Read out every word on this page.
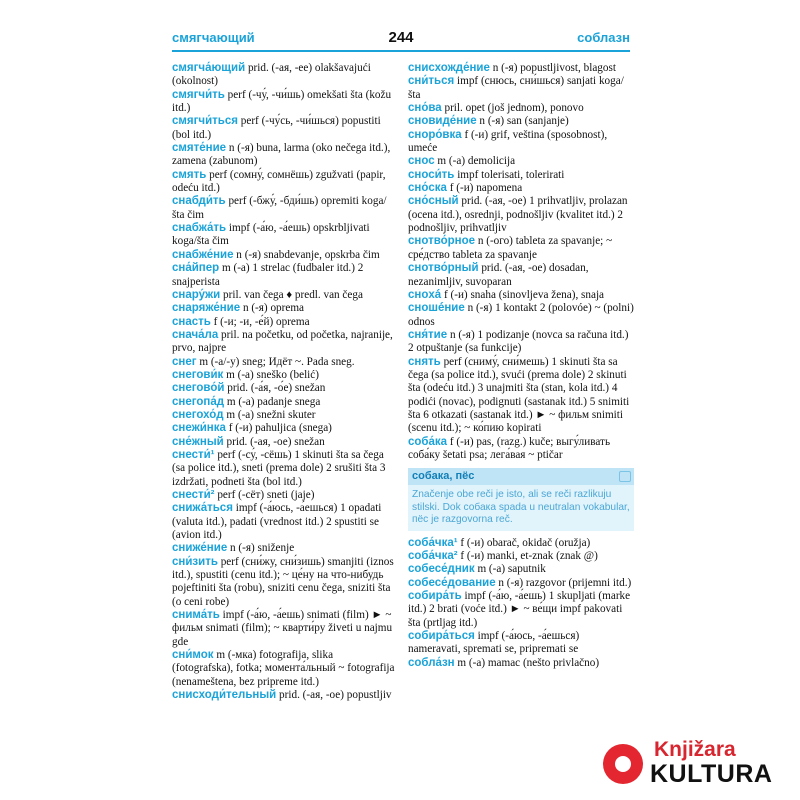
смягчающий	244	соблазн

смягча́ющий prid. (-ая, -ее) olakšavajući (okolnost)

смягчи́ть perf (-чу́, -чи́шь) omekšati šta (kožu itd.)

смягчи́ться perf (-чу́сь, -чи́шься) popustiti (bol itd.)

смяте́ние n (-я) buna, larma (oko nečega itd.), zamena (zabunom)

смять perf (сомну́, сомнёшь) zgužvati (papir, odeću itd.)

снабди́ть perf (-бжу́, -бди́шь) opremiti koga/šta čim

снабжа́ть impf (-а́ю, -а́ешь) opskrbljivati koga/šta čim

снабже́ние n (-я) snabdevanje, opskrba čim

сна́йпер m (-а) 1 strelac (fudbaler itd.) 2 snajperista

снару́жи pril. van čega ♦ predl. van čega

снаряже́ние n (-я) oprema

снасть f (-и; -и, -е́й) oprema

снача́ла pril. na početku, od početka, najranije, prvo, najpre

снег m (-а/-у) sneg; Идёт ~. Pada sneg.

снегови́к m (-а) sneško (belić)

снегово́й prid. (-а́я, -о́е) snežan

снегопа́д m (-а) padanje snega

снегохо́д m (-а) snežni skuter

снежи́нка f (-и) pahuljica (snega)

сне́жный prid. (-ая, -ое) snežan

снести́¹ perf (-су́, -сёшь) 1 skinuti šta sa čega (sa police itd.), sneti (prema dole) 2 srušiti šta 3 izdržati, podneti šta (bol itd.)

снести́² perf (-сёт) sneti (jaje)

снижа́ться impf (-а́юсь, -а́ешься) 1 opadati (valuta itd.), padati (vrednost itd.) 2 spustiti se (avion itd.)

сниже́ние n (-я) sniženje

сни́зить perf (сни́жу, сни́зишь) smanjiti (iznos itd.), spustiti (cenu itd.); ~ це́ну на что-нибудь pojeftiniti šta (robu), sniziti cenu čega, sniziti šta (o ceni robe)

снима́ть impf (-а́ю, -а́ешь) snimati (film) ► ~ фильм snimati (film); ~ кварти́ру živeti u najmu gde

сни́мок m (-мка) fotografija, slika (fotografska), fotka; момента́льный ~ fotografija (nenameštena, bez pripreme itd.)

снисходи́тельный prid. (-ая, -ое) popustljiv

снисхожде́ние n (-я) popustljivost, blagost

сни́ться impf (снюсь, сни́шься) sanjati koga/šta

сно́ва pril. opet (još jednom), ponovo

сновиде́ние n (-я) san (sanjanje)

сноро́вка f (-и) grif, veština (sposobnost), umeće

снос m (-а) demolicija

сноси́ть impf tolerisati, tolerirati

сно́ска f (-и) napomena

сно́сный prid. (-ая, -ое) 1 prihvatljiv, prolazan (ocena itd.), osrednji, podnošljiv (kvalitet itd.) 2 podnošljiv, prihvatljiv

снотво́рное n (-ого) tableta za spavanje; ~ сре́дство tableta za spavanje

снотво́рный prid. (-ая, -ое) dosadan, nezanimljiv, suvoparan

снoxá f (-и) snaha (sinovljeva žena), snaja

снoшéние n (-я) 1 kontakt 2 (polovóe) ~ (polni) odnos

сня́тие n (-я) 1 podizanje (novca sa računa itd.) 2 otpuštanje (sa funkcije)

снять perf (сниму́, сни́мешь) 1 skinuti šta sa čega (sa police itd.), svući (prema dole) 2 skinuti šta (odeću itd.) 3 unajmiti šta (stan, kola itd.) 4 podići (novac), podignuti (sastanak itd.) 5 snimiti šta 6 otkazati (sastanak itd.) ► ~ фильм snimiti (scenu itd.); ~ ко́пию kopirati

соба́ка f (-и) pas, (razg.) kuče; выгу́ливать соба́ку šetati psa; лега́вая ~ ptičar

собака, пёс
Značenje obe reči je isto, ali se reči razlikuju stilski. Dok собака spada u neutralan vokabular, пёс je razgovorna reč.

соба́чка¹ f (-и) obarač, okidač (oružja)

соба́чка² f (-и) manki, et-znak (znak @)

собесе́дник m (-а) saputnik

собесе́дование n (-я) razgovor (prijemni itd.)

собира́ть impf (-а́ю, -а́ешь) 1 skupljati (marke itd.) 2 brati (voće itd.) ► ~ ве́щи impf pakovati šta (prtljag itd.)

собира́ться impf (-а́юсь, -а́ешься) nameravati, spremati se, pripremati se

собла́зн m (-а) mamac (nešto privlačno)

Knjižara
KULTURA
